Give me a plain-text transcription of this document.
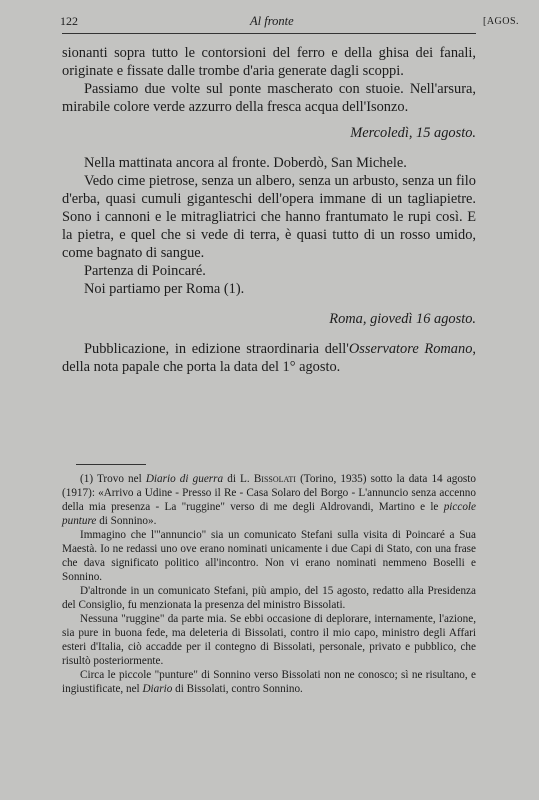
122	Al fronte	[AGOS.

sionanti sopra tutto le contorsioni del ferro e della ghisa dei fanali, originate e fissate dalle trombe d'aria generate dagli scoppi.

Passiamo due volte sul ponte mascherato con stuoie. Nell'arsura, mirabile colore verde azzurro della fresca acqua dell'Isonzo.

Mercoledì, 15 agosto.

Nella mattinata ancora al fronte. Doberdò, San Michele.

Vedo cime pietrose, senza un albero, senza un arbusto, senza un filo d'erba, quasi cumuli giganteschi dell'opera immane di un tagliapietre. Sono i cannoni e le mitragliatrici che hanno frantumato le rupi così. E la pietra, e quel che si vede di terra, è quasi tutto di un rosso umido, come bagnato di sangue.

Partenza di Poincaré.

Noi partiamo per Roma (1).

Roma, giovedì 16 agosto.

Pubblicazione, in edizione straordinaria dell'Osservatore Romano, della nota papale che porta la data del 1° agosto.

(1) Trovo nel Diario di guerra di L. Bissolati (Torino, 1935) sotto la data 14 agosto (1917): «Arrivo a Udine - Presso il Re - Casa Solaro del Borgo - L'annuncio senza accenno della mia presenza - La "ruggine" verso di me degli Aldrovandi, Martino e le piccole punture di Sonnino».

Immagino che l'"annuncio" sia un comunicato Stefani sulla visita di Poincaré a Sua Maestà. Io ne redassi uno ove erano nominati unicamente i due Capi di Stato, con una frase che dava significato politico all'incontro. Non vi erano nominati nemmeno Boselli e Sonnino.

D'altronde in un comunicato Stefani, più ampio, del 15 agosto, redatto alla Presidenza del Consiglio, fu menzionata la presenza del ministro Bissolati.

Nessuna "ruggine" da parte mia. Se ebbi occasione di deplorare, internamente, l'azione, sia pure in buona fede, ma deleteria di Bissolati, contro il mio capo, ministro degli Affari esteri d'Italia, ciò accadde per il contegno di Bissolati, personale, privato e pubblico, che risultò posteriormente.

Circa le piccole "punture" di Sonnino verso Bissolati non ne conosco; sì ne risultano, e ingiustificate, nel Diario di Bissolati, contro Sonnino.
